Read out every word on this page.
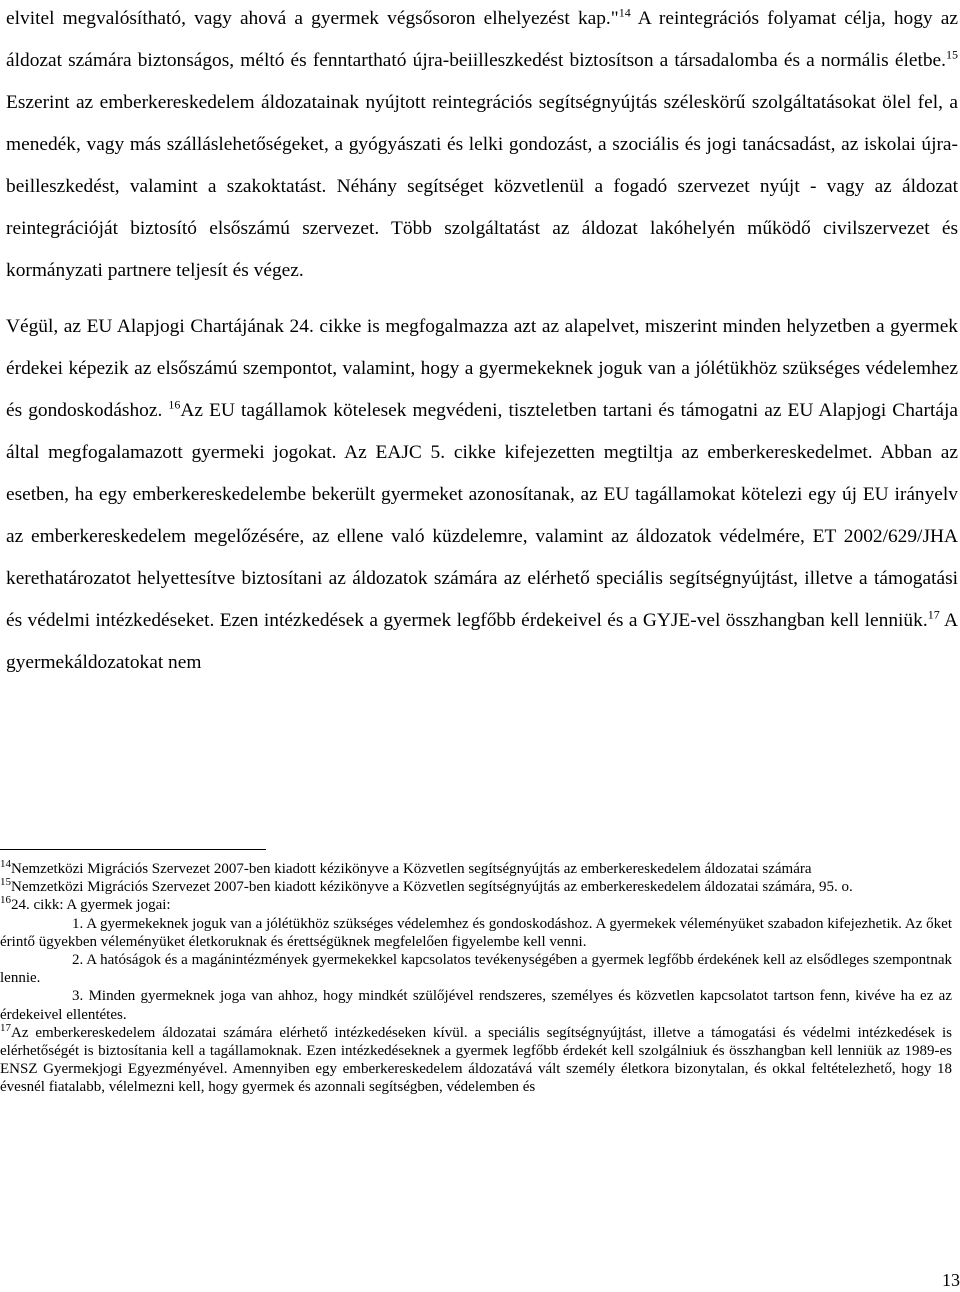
elvitel megvalósítható, vagy ahová a gyermek végsősoron elhelyezést kap."$^{14}$ A reintegrációs folyamat célja, hogy az áldozat számára biztonságos, méltó és fenntartható újra-beiilleszkedést biztosítson a társadalomba és a normális életbe.$^{15}$ Eszerint az emberkereskedelem áldozatainak nyújtott reintegrációs segítségnyújtás széleskörű szolgáltatásokat ölel fel, a menedék, vagy más szálláslehetőségeket, a gyógyászati és lelki gondozást, a szociális és jogi tanácsadást, az iskolai újra-beilleszkedést, valamint a szakoktatást. Néhány segítséget közvetlenül a fogadó szervezet nyújt - vagy az áldozat reintegrációját biztosító elsőszámú szervezet. Több szolgáltatást az áldozat lakóhelyén működő civilszervezet és kormányzati partnere teljesít és végez.

Végül, az EU Alapjogi Chartájának 24. cikke is megfogalmazza azt az alapelvet, miszerint minden helyzetben a gyermek érdekei képezik az elsőszámú szempontot, valamint, hogy a gyermekeknek joguk van a jólétükhöz szükséges védelemhez és gondoskodáshoz. $^{16}$Az EU tagállamok kötelesek megvédeni, tiszteletben tartani és támogatni az EU Alapjogi Chartája által megfogalamazott gyermeki jogokat. Az EAJC 5. cikke kifejezetten megtiltja az emberkereskedelmet. Abban az esetben, ha egy emberkereskedelembe bekerült gyermeket azonosítanak, az EU tagállamokat kötelezi egy új EU irányelv az emberkereskedelem megelőzésére, az ellene való küzdelemre, valamint az áldozatok védelmére, ET 2002/629/JHA kerethatározatot helyettesítve biztosítani az áldozatok számára az elérhető speciális segítségnyújtást, illetve a támogatási és védelmi intézkedéseket. Ezen intézkedések a gyermek legfőbb érdekeivel és a GYJE-vel összhangban kell lenniük.$^{17}$ A gyermekáldozatokat nem

$^{14}$Nemzetközi Migrációs Szervezet 2007-ben kiadott kézikönyve a Közvetlen segítségnyújtás az emberkereskedelem áldozatai számára

$^{15}$Nemzetközi Migrációs Szervezet 2007-ben kiadott kézikönyve a Közvetlen segítségnyújtás az emberkereskedelem áldozatai számára, 95. o.

$^{16}$24. cikk: A gyermek jogai:

1. A gyermekeknek joguk van a jólétükhöz szükséges védelemhez és gondoskodáshoz. A gyermekek véleményüket szabadon kifejezhetik. Az őket érintő ügyekben véleményüket életkoruknak és érettségüknek megfelelően figyelembe kell venni.

2. A hatóságok és a magánintézmények gyermekekkel kapcsolatos tevékenységében a gyermek legfőbb érdekének kell az elsődleges szempontnak lennie.

3. Minden gyermeknek joga van ahhoz, hogy mindkét szülőjével rendszeres, személyes és közvetlen kapcsolatot tartson fenn, kivéve ha ez az érdekeivel ellentétes.

$^{17}$Az emberkereskedelem áldozatai számára elérhető intézkedéseken kívül. a speciális segítségnyújtást, illetve a támogatási és védelmi intézkedések is elérhetőségét is biztosítania kell a tagállamoknak. Ezen intézkedéseknek a gyermek legfőbb érdekét kell szolgálniuk és összhangban kell lenniük az 1989-es ENSZ Gyermekjogi Egyezményével. Amennyiben egy emberkereskedelem áldozatává vált személy életkora bizonytalan, és okkal feltételezhető, hogy 18 évesnél fiatalabb, vélelmezni kell, hogy gyermek és azonnali segítségben, védelemben és

13
